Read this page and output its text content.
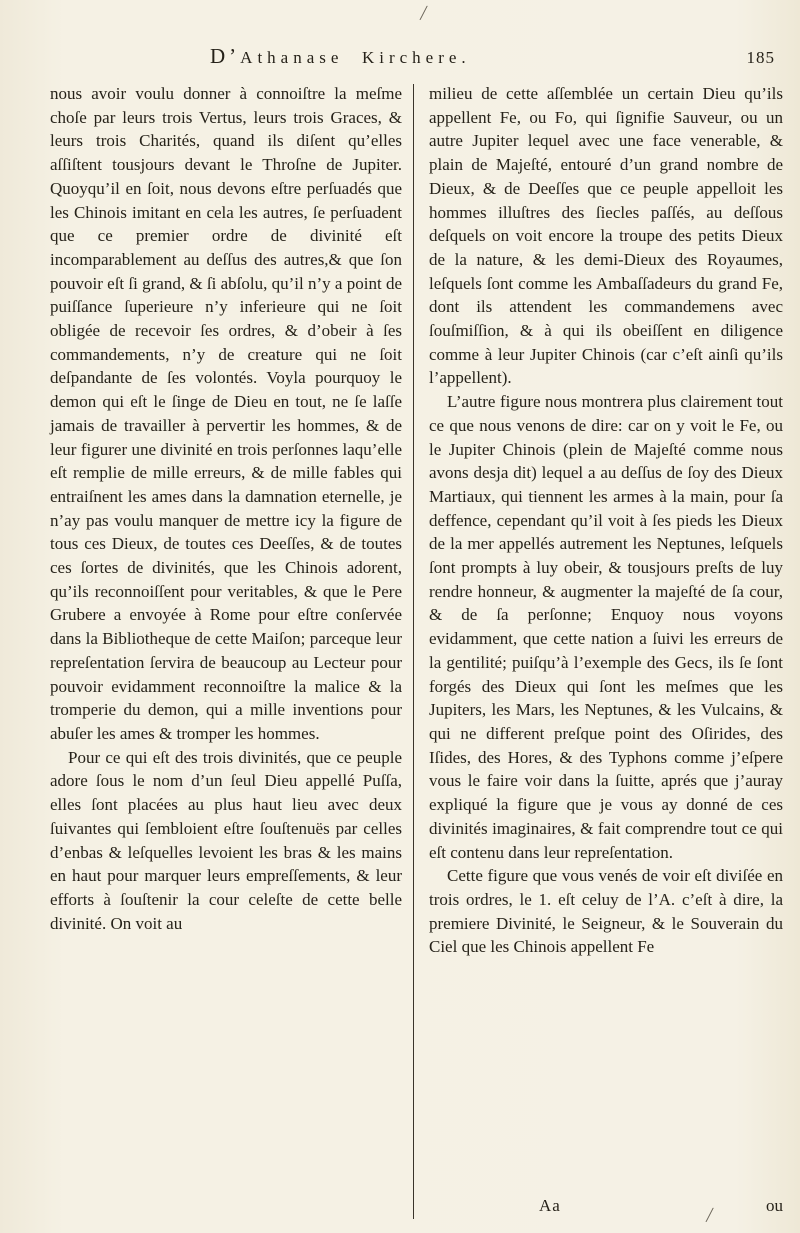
D’Athanase Kirchere.	185

nous avoir voulu donner à connoiſtre la meſme choſe par leurs trois Vertus, leurs trois Graces, & leurs trois Charités, quand ils diſent qu’elles aſſiſtent tousjours devant le Throſne de Jupiter. Quoyqu’il en ſoit, nous devons eſtre perſuadés que les Chinois imitant en cela les autres, ſe perſuadent que ce premier ordre de divinité eſt incomparablement au deſſus des autres,& que ſon pouvoir eſt ſi grand, & ſi abſolu, qu’il n’y a point de puiſſance ſuperieure n’y inferieure qui ne ſoit obligée de recevoir ſes ordres, & d’obeir à ſes commandements, n’y de creature qui ne ſoit deſpandante de ſes volontés. Voyla pourquoy le demon qui eſt le ſinge de Dieu en tout, ne ſe laſſe jamais de travailler à pervertir les hommes, & de leur figurer une divinité en trois perſonnes laqu’elle eſt remplie de mille erreurs, & de mille fables qui entraiſnent les ames dans la damnation eternelle, je n’ay pas voulu manquer de mettre icy la figure de tous ces Dieux, de toutes ces Deeſſes, & de toutes ces ſortes de divinités, que les Chinois adorent, qu’ils reconnoiſſent pour veritables, & que le Pere Grubere a envoyée à Rome pour eſtre conſervée dans la Bibliotheque de cette Maiſon; parceque leur repreſentation ſervira de beaucoup au Lecteur pour pouvoir evidamment reconnoiſtre la malice & la tromperie du demon, qui a mille inventions pour abuſer les ames & tromper les hommes.

Pour ce qui eſt des trois divinités, que ce peuple adore ſous le nom d’un ſeul Dieu appellé Puſſa, elles ſont placées au plus haut lieu avec deux ſuivantes qui ſembloient eſtre ſouſtenuës par celles d’enbas & leſquelles levoient les bras & les mains en haut pour marquer leurs empreſſements, & leur efforts à ſouſtenir la cour celeſte de cette belle divinité. On voit au

milieu de cette aſſemblée un certain Dieu qu’ils appellent Fe, ou Fo, qui ſignifie Sauveur, ou un autre Jupiter lequel avec une face venerable, & plain de Majeſté, entouré d’un grand nombre de Dieux, & de Deeſſes que ce peuple appelloit les hommes illuſtres des ſiecles paſſés, au deſſous deſquels on voit encore la troupe des petits Dieux de la nature, & les demi-Dieux des Royaumes, leſquels ſont comme les Ambaſſadeurs du grand Fe, dont ils attendent les commandemens avec ſouſmiſſion, & à qui ils obeiſſent en diligence comme à leur Jupiter Chinois (car c’eſt ainſi qu’ils l’appellent).

L’autre figure nous montrera plus clairement tout ce que nous venons de dire: car on y voit le Fe, ou le Jupiter Chinois (plein de Majeſté comme nous avons desja dit) lequel a au deſſus de ſoy des Dieux Martiaux, qui tiennent les armes à la main, pour ſa deffence, cependant qu’il voit à ſes pieds les Dieux de la mer appellés autrement les Neptunes, leſquels ſont prompts à luy obeir, & tousjours preſts de luy rendre honneur, & augmenter la majeſté de ſa cour, & de ſa perſonne; Enquoy nous voyons evidamment, que cette nation a ſuivi les erreurs de la gentilité; puiſqu’à l’exemple des Gecs, ils ſe ſont forgés des Dieux qui ſont les meſmes que les Jupiters, les Mars, les Neptunes, & les Vulcains, & qui ne different preſque point des Oſirides, des Iſides, des Hores, & des Typhons comme j’eſpere vous le faire voir dans la ſuitte, aprés que j’auray expliqué la figure que je vous ay donné de ces divinités imaginaires, & fait comprendre tout ce qui eſt contenu dans leur repreſentation.

Cette figure que vous venés de voir eſt diviſée en trois ordres, le 1. eſt celuy de l’A. c’eſt à dire, la premiere Divinité, le Seigneur, & le Souverain du Ciel que les Chinois appellent Fe

Aa	ou
╱
╱
